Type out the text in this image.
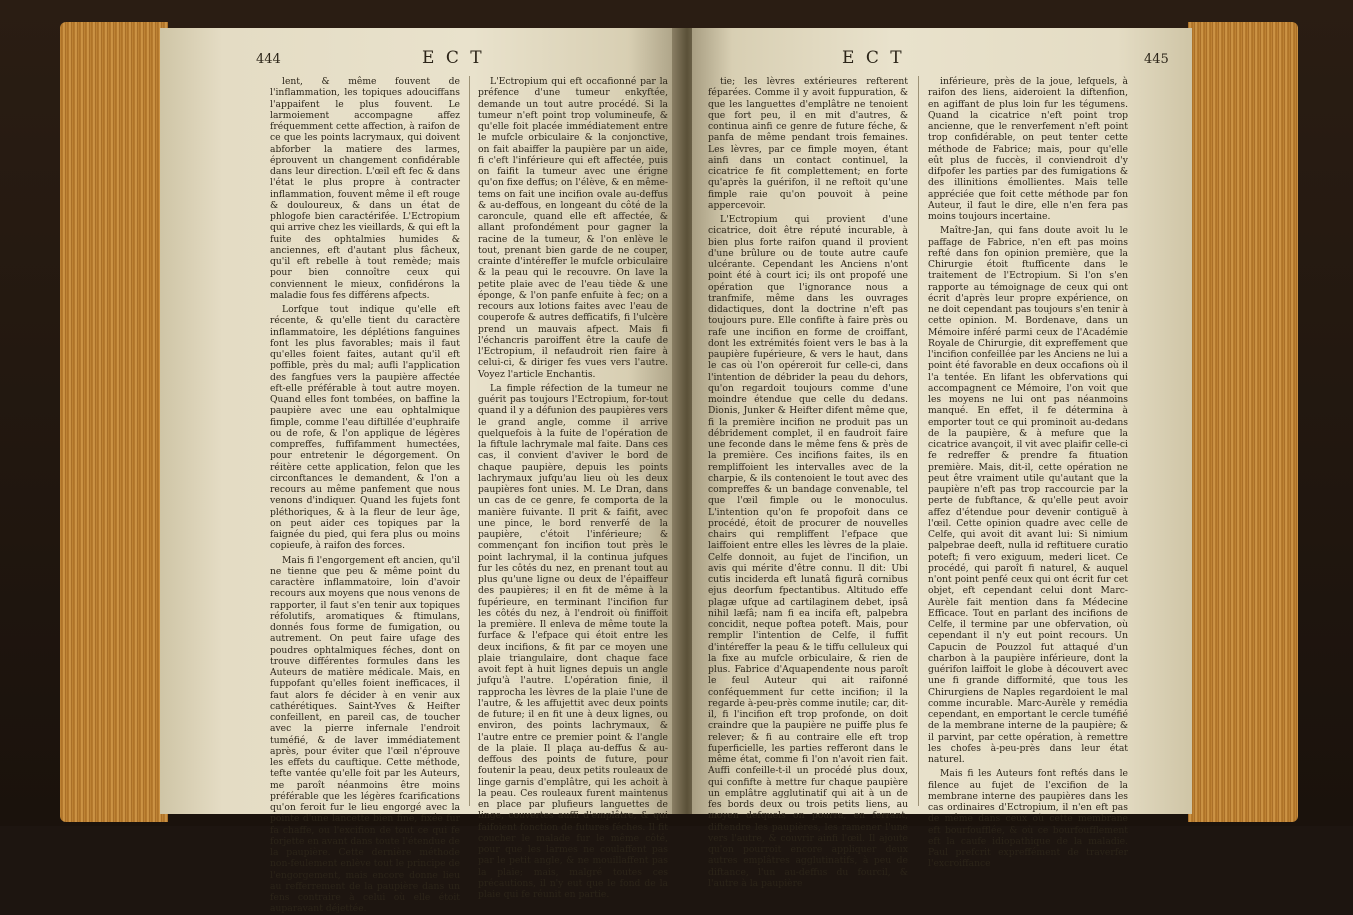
444	E C T

lent, & même fouvent de l'inflammation, les topiques adouciffans l'appaifent le plus fouvent. Le larmoiement accompagne affez fréquemment cette affection, à raifon de ce que les points lacrymaux, qui doivent abforber la matiere des larmes, éprouvent un changement confidérable dans leur direction. L'œil eft fec & dans l'état le plus propre à contracter inflammation, fouvent même il eft rouge & douloureux, & dans un état de phlogofe bien caractérifée. L'Ectropium qui arrive chez les vieillards, & qui eft la fuite des ophtalmies humides & anciennes, eft d'autant plus fâcheux, qu'il eft rebelle à tout remède; mais pour bien connoître ceux qui conviennent le mieux, confidérons la maladie fous fes différens afpects.

Lorfque tout indique qu'elle eft récente, & qu'elle tient du caractère inflammatoire, les déplétions fanguines font les plus favorables; mais il faut qu'elles foient faites, autant qu'il eft poffible, près du mal; aufli l'application des fangfues vers la paupière affectée eft-elle préférable à tout autre moyen. Quand elles font tombées, on baffine la paupière avec une eau ophtalmique fimple, comme l'eau diftillée d'euphraife ou de rofe, & l'on applique de légères compreffes, fuffifamment humectées, pour entretenir le dégorgement. On réitère cette application, felon que les circonftances le demandent, & l'on a recours au même panfement que nous venons d'indiquer. Quand les fujets font pléthoriques, & à la fleur de leur âge, on peut aider ces topiques par la faignée du pied, qui fera plus ou moins copieufe, à raifon des forces.

Mais fi l'engorgement eft ancien, qu'il ne tienne que peu & même point du caractère inflammatoire, loin d'avoir recours aux moyens que nous venons de rapporter, il faut s'en tenir aux topiques réfolutifs, aromatiques & ftimulans, donnés fous forme de fumigation, ou autrement. On peut faire ufage des poudres ophtalmiques féches, dont on trouve différentes formules dans les Auteurs de matière médicale. Mais, en fuppofant qu'elles foient inefficaces, il faut alors fe décider à en venir aux cathérétiques. Saint-Yves & Heifter confeillent, en pareil cas, de toucher avec la pierre infernale l'endroit tuméfié, & de laver immédiatement après, pour éviter que l'œil n'éprouve les effets du cauftique. Cette méthode, tefte vantée qu'elle foit par les Auteurs, me paroît néanmoins être moins préférable que les légères fcarifications qu'on feroit fur le lieu engorgé avec la pointe d'une lancette bien fine, fixée fur fa chaffe, ou l'excifion de tout ce qui fe forjette en avant dans toute l'étendue de la paupière. Cette dernière méthode non-feulement enlève tout le principe de l'engorgement, mais encore donne lieu au refferrement de la paupière dans un fens contraire à celui où elle étoit auparavant déjettée.

L'Ectropium qui eft occafionné par la préfence d'une tumeur enkyftée, demande un tout autre procédé. Si la tumeur n'eft point trop volumineufe, & qu'elle foit placée immédiatement entre le mufcle orbiculaire & la conjonctive, on fait abaiffer la paupière par un aide, fi c'eft l'inférieure qui eft affectée, puis on faifit la tumeur avec une érigne qu'on fixe deffus; on l'élève, & en même-tems on fait une incifion ovale au-deffus & au-deffous, en longeant du côté de la caroncule, quand elle eft affectée, & allant profondément pour gagner la racine de la tumeur, & l'on enlève le tout, prenant bien garde de ne couper, crainte d'intéreffer le mufcle orbiculaire & la peau qui le recouvre. On lave la petite plaie avec de l'eau tiède & une éponge, & l'on panfe enfuite à fec; on a recours aux lotions faites avec l'eau de couperofe & autres defficatifs, fi l'ulcère prend un mauvais afpect. Mais fi l'échancris paroiffent être la caufe de l'Ectropium, il nefaudroit rien faire à celui-ci, & diriger fes vues vers l'autre. Voyez l'article Enchantis.

La fimple réfection de la tumeur ne guérit pas toujours l'Ectropium, for-tout quand il y a défunion des paupières vers le grand angle, comme il arrive quelquefois à la fuite de l'opération de la fiftule lachrymale mal faite. Dans ces cas, il convient d'aviver le bord de chaque paupière, depuis les points lachrymaux jufqu'au lieu où les deux paupières font unies. M. Le Dran, dans un cas de ce genre, fe comporta de la manière fuivante. Il prit & faifit, avec une pince, le bord renverfé de la paupière, c'étoit l'inférieure; & commençant fon incifion tout près le point lachrymal, il la continua jufques fur les côtés du nez, en prenant tout au plus qu'une ligne ou deux de l'épaiffeur des paupières; il en fit de même à la fupérieure, en terminant l'incifion fur les côtés du nez, à l'endroit où finiffoit la première. Il enleva de même toute la furface & l'efpace qui étoit entre les deux incifions, & fit par ce moyen une plaie triangulaire, dont chaque face avoit fept à huit lignes depuis un angle jufqu'à l'autre. L'opération finie, il rapprocha les lèvres de la plaie l'une de l'autre, & les affujettit avec deux points de future; il en fit une à deux lignes, ou environ, des points lachrymaux, & l'autre entre ce premier point & l'angle de la plaie. Il plaça au-deffus & au-deffous des points de future, pour foutenir la peau, deux petits rouleaux de linge garnis d'emplâtre, qui les achoit à la peau. Ces rouleaux furent maintenus en place par plufieurs languettes de linge, couvertes auffi d'emplâtre, & qui faifoient fonction de futures féches. Il fit coucher le malade fur le même côté, pour que les larmes ne coulaffent pas par le petit angle, & ne mouillaffent pas la plaie; mais, malgré toutes ces précautions, il n'y eut que le fond de la plaie qui fe réunit en partie.

E C T	445

tie; les lèvres extérieures refterent féparées. Comme il y avoit fuppuration, & que les languettes d'emplâtre ne tenoient que fort peu, il en mit d'autres, & continua ainfi ce genre de future féche, & panfa de même pendant trois femaines. Les lèvres, par ce fimple moyen, étant ainfi dans un contact continuel, la cicatrice fe fit complettement; en forte qu'après la guérifon, il ne reftoit qu'une fimple raie qu'on pouvoit à peine appercevoir.

L'Ectropium qui provient d'une cicatrice, doit être réputé incurable, à bien plus forte raifon quand il provient d'une brûlure ou de toute autre caufe ulcérante. Cependant les Anciens n'ont point été à court ici; ils ont propofé une opération que l'ignorance nous a tranfmife, même dans les ouvrages didactiques, dont la doctrine n'eft pas toujours pure. Elle confifte à faire près ou rafe une incifion en forme de croiffant, dont les extrémités foient vers le bas à la paupière fupérieure, & vers le haut, dans le cas où l'on opéreroit fur celle-ci, dans l'intention de débrider la peau du dehors, qu'on regardoit toujours comme d'une moindre étendue que celle du dedans. Dionis, Junker & Heifter difent même que, fi la première incifion ne produit pas un débridement complet, il en faudroit faire une feconde dans le même fens & près de la première. Ces incifions faites, ils en rempliffoient les intervalles avec de la charpie, & ils contenoient le tout avec des compreffes & un bandage convenable, tel que l'œil fimple ou le monoculus. L'intention qu'on fe propofoit dans ce procédé, étoit de procurer de nouvelles chairs qui rempliffent l'efpace que laiffoient entre elles les lèvres de la plaie. Celfe donnoit, au fujet de l'incifion, un avis qui mérite d'être connu. Il dit: Ubi cutis inciderda eft lunatâ figurâ cornibus ejus deorfum fpectantibus. Altitudo effe plagæ ufque ad cartilaginem debet, ipsâ nihil læfâ; nam fi ea incifa eft, palpebra concidit, neque poftea poteft. Mais, pour remplir l'intention de Celfe, il fuffit d'intéreffer la peau & le tiffu celluleux qui la fixe au mufcle orbiculaire, & rien de plus. Fabrice d'Aquapendente nous paroît le feul Auteur qui ait raifonné conféquemment fur cette incifion; il la regarde à-peu-près comme inutile; car, dit-il, fi l'incifion eft trop profonde, on doit craindre que la paupière ne puiffe plus fe relever; & fi au contraire elle eft trop fuperficielle, les parties refferont dans le même état, comme fi l'on n'avoit rien fait. Auffi confeille-t-il un procédé plus doux, qui confifte à mettre fur chaque paupière un emplâtre agglutinatif qui ait à un de fes bords deux ou trois petits liens, au moyen defquels on pourra, en ferrant, diftendre les paupières, les ramener l'une vers l'autre, & couvrir ainfi l'œil. Il ajoute qu'on pourroit encore appliquer deux autres emplâtres agglutinatifs, à peu de diftance, l'un au-deffus du fourcil, & l'autre à la paupière

inférieure, près de la joue, lefquels, à raifon des liens, aideroient la diftenfion, en agiffant de plus loin fur les tégumens. Quand la cicatrice n'eft point trop ancienne, que le renverfement n'eft point trop confidérable, on peut tenter cette méthode de Fabrice; mais, pour qu'elle eût plus de fuccès, il conviendroit d'y difpofer les parties par des fumigations & des illinitions émollientes. Mais telle appréciée que foit cette méthode par fon Auteur, il faut le dire, elle n'en fera pas moins toujours incertaine.

Maître-Jan, qui fans doute avoit lu le paffage de Fabrice, n'en eft pas moins refté dans fon opinion première, que la Chirurgie étoit ftufficente dans le traitement de l'Ectropium. Si l'on s'en rapporte au témoignage de ceux qui ont écrit d'après leur propre expérience, on ne doit cependant pas toujours s'en tenir à cette opinion. M. Bordenave, dans un Mémoire inféré parmi ceux de l'Académie Royale de Chirurgie, dit expreffement que l'incifion confeillée par les Anciens ne lui a point été favorable en deux occafions où il l'a tentée. En lifant les obfervations qui accompagnent ce Mémoire, l'on voit que les moyens ne lui ont pas néanmoins manqué. En effet, il fe détermina à emporter tout ce qui prominoit au-dedans de la paupière, & à mefure que la cicatrice avançoit, il vit avec plaifir celle-ci fe redreffer & prendre fa fituation première. Mais, dit-il, cette opération ne peut être vraiment utile qu'autant que la paupière n'eft pas trop raccourcie par la perte de fubftance, & qu'elle peut avoir affez d'étendue pour devenir contiguë à l'œil. Cette opinion quadre avec celle de Celfe, qui avoit dit avant lui: Si nimium palpebrae deeft, nulla id reftituere curatio poteft; fi vero exiguum, mederi licet. Ce procédé, qui paroît fi naturel, & auquel n'ont point penfé ceux qui ont écrit fur cet objet, eft cependant celui dont Marc-Aurèle fait mention dans fa Médecine Efficace. Tout en parlant des incifions de Celfe, il termine par une obfervation, où cependant il n'y eut point recours. Un Capucin de Pouzzol fut attaqué d'un charbon à la paupière inférieure, dont la guérifon laiffoit le globe à découvert avec une fi grande difformité, que tous les Chirurgiens de Naples regardoient le mal comme incurable. Marc-Aurèle y remédia cependant, en emportant le cercle tuméfié de la membrane interne de la paupière; & il parvint, par cette opération, à remettre les chofes à-peu-près dans leur état naturel.

Mais fi les Auteurs font reftés dans le filence au fujet de l'excifion de la membrane interne des paupières dans les cas ordinaires d'Ectropium, il n'en eft pas de même dans ceux où cette membrane eft bourfoufflée, & où ce bourfoufflement eft la caufe idiopathique de la maladie. Paul prefcrit expreffément de traverfer l'excroiffance
